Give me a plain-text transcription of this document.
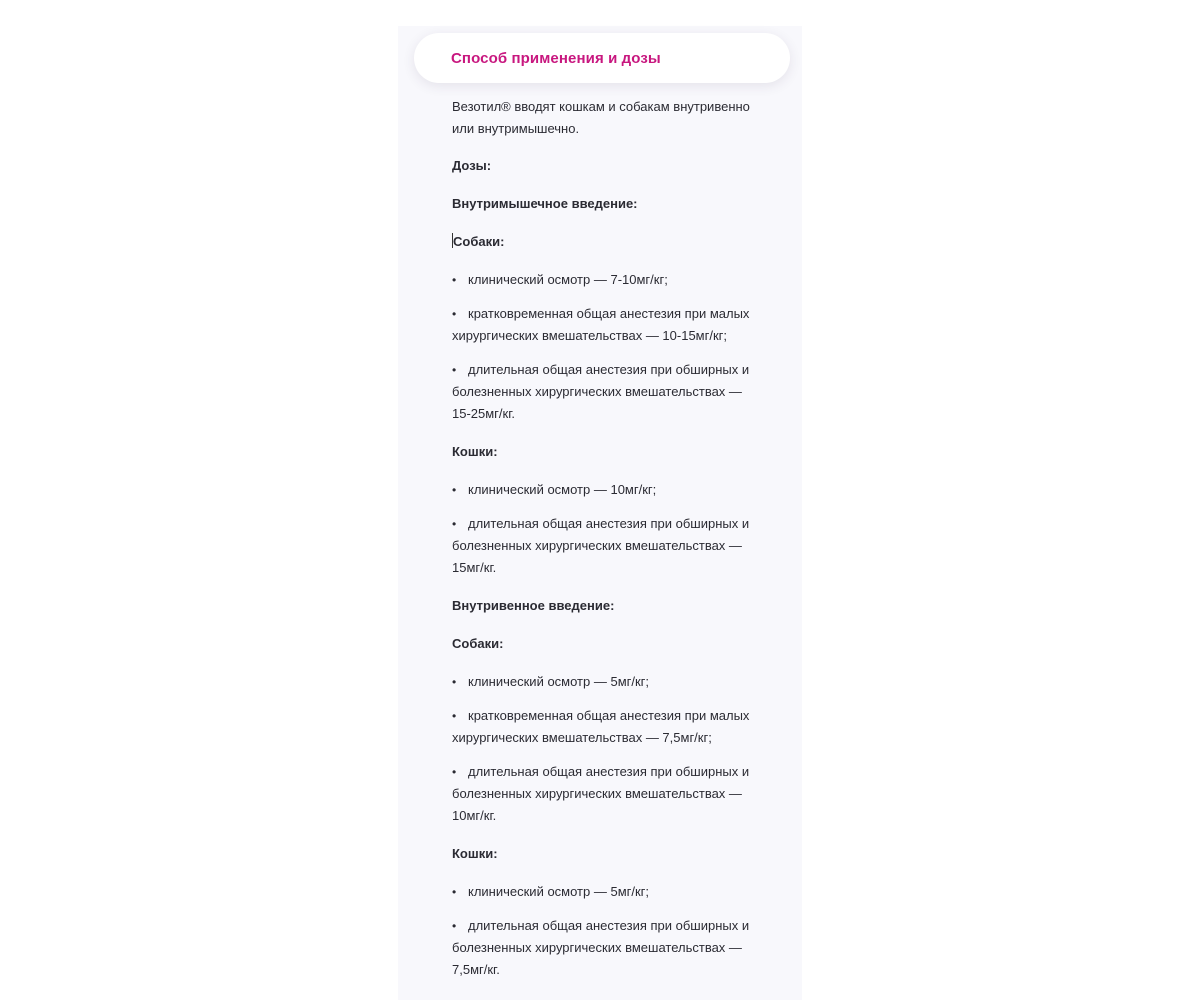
Способ применения и дозы

Везотил® вводят кошкам и собакам внутривенно или внутримышечно.

Дозы:
Внутримышечное введение:
Собаки:
• клинический осмотр — 7-10мг/кг;
• кратковременная общая анестезия при малых хирургических вмешательствах — 10-15мг/кг;
• длительная общая анестезия при обширных и болезненных хирургических вмешательствах — 15-25мг/кг.
Кошки:
• клинический осмотр — 10мг/кг;
• длительная общая анестезия при обширных и болезненных хирургических вмешательствах — 15мг/кг.
Внутривенное введение:
Собаки:
• клинический осмотр — 5мг/кг;
• кратковременная общая анестезия при малых хирургических вмешательствах — 7,5мг/кг;
• длительная общая анестезия при обширных и болезненных хирургических вмешательствах — 10мг/кг.
Кошки:
• клинический осмотр — 5мг/кг;
• длительная общая анестезия при обширных и болезненных хирургических вмешательствах — 7,5мг/кг.
